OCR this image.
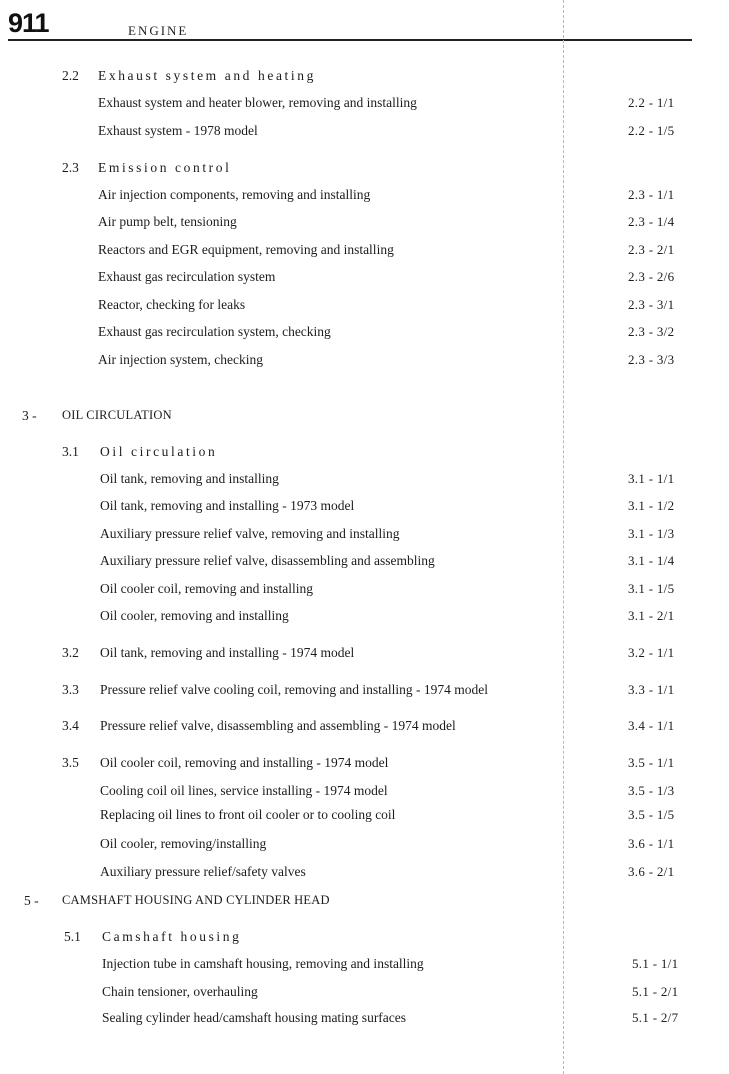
911	ENGINE
2.2 Exhaust system and heating
Exhaust system and heater blower, removing and installing	2.2 - 1/1
Exhaust system - 1978 model	2.2 - 1/5
2.3 Emission control
Air injection components, removing and installing	2.3 - 1/1
Air pump belt, tensioning	2.3 - 1/4
Reactors and EGR equipment, removing and installing	2.3 - 2/1
Exhaust gas recirculation system	2.3 - 2/6
Reactor, checking for leaks	2.3 - 3/1
Exhaust gas recirculation system, checking	2.3 - 3/2
Air injection system, checking	2.3 - 3/3
3 - OIL CIRCULATION
3.1 Oil circulation
Oil tank, removing and installing	3.1 - 1/1
Oil tank, removing and installing - 1973 model	3.1 - 1/2
Auxiliary pressure relief valve, removing and installing	3.1 - 1/3
Auxiliary pressure relief valve, disassembling and assembling	3.1 - 1/4
Oil cooler coil, removing and installing	3.1 - 1/5
Oil cooler, removing and installing	3.1 - 2/1
3.2 Oil tank, removing and installing - 1974 model	3.2 - 1/1
3.3 Pressure relief valve cooling coil, removing and installing - 1974 model	3.3 - 1/1
3.4 Pressure relief valve, disassembling and assembling - 1974 model	3.4 - 1/1
3.5 Oil cooler coil, removing and installing - 1974 model	3.5 - 1/1
Cooling coil oil lines, service installing - 1974 model	3.5 - 1/3
Replacing oil lines to front oil cooler or to cooling coil	3.5 - 1/5
Oil cooler, removing/installing	3.6 - 1/1
Auxiliary pressure relief/safety valves	3.6 - 2/1
5 - CAMSHAFT HOUSING AND CYLINDER HEAD
5.1 Camshaft housing
Injection tube in camshaft housing, removing and installing	5.1 - 1/1
Chain tensioner, overhauling	5.1 - 2/1
Sealing cylinder head/camshaft housing mating surfaces	5.1 - 2/7
